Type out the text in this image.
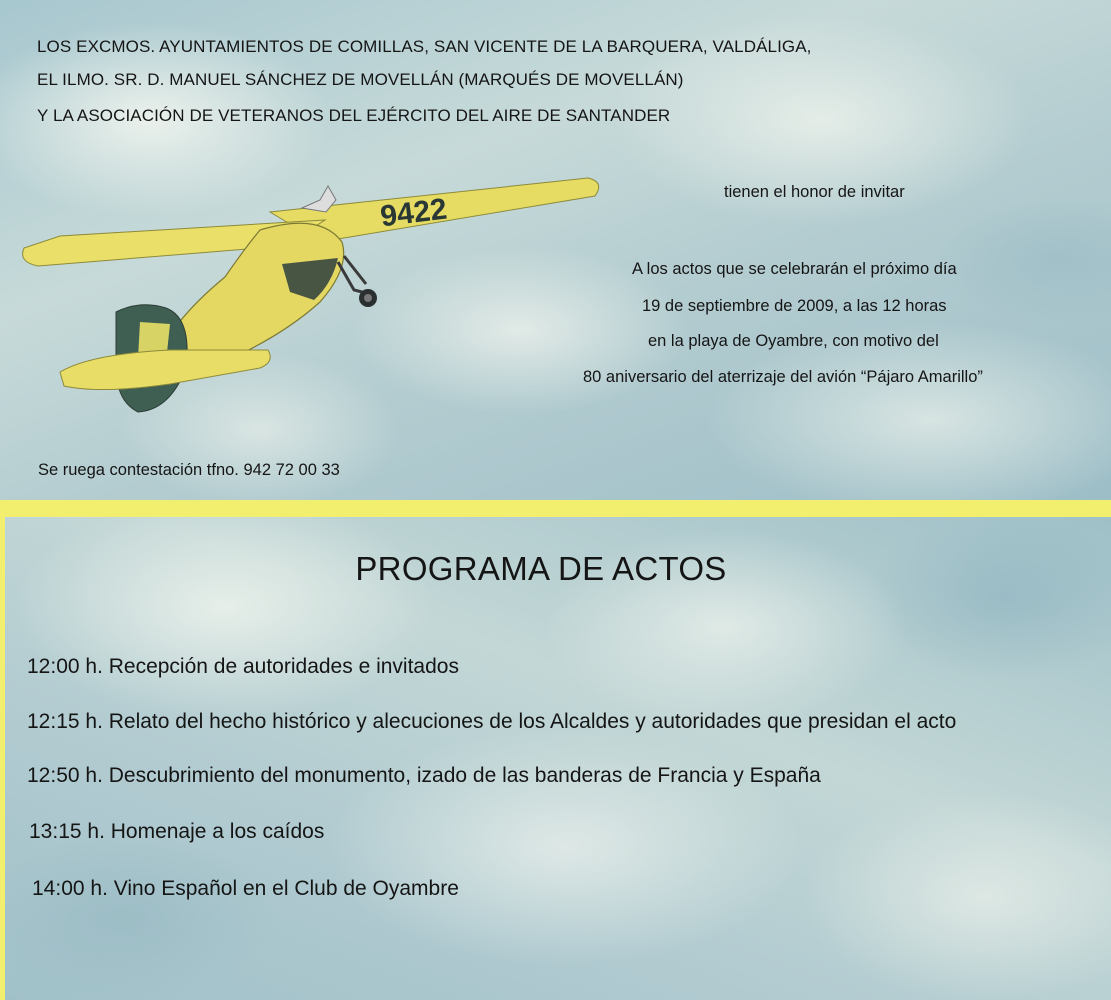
LOS EXCMOS. AYUNTAMIENTOS DE COMILLAS, SAN VICENTE DE LA BARQUERA, VALDÁLIGA,

EL ILMO. SR. D. MANUEL SÁNCHEZ DE MOVELLÁN (MARQUÉS DE MOVELLÁN)

Y LA ASOCIACIÓN DE VETERANOS DEL EJÉRCITO DEL AIRE DE SANTANDER

9422
tienen el honor de invitar
A los actos que se celebrarán el próximo día
19 de septiembre de 2009, a las 12 horas
en la playa de Oyambre, con motivo del
80 aniversario del aterrizaje del avión “Pájaro Amarillo”
Se ruega contestación tfno. 942 72 00 33
PROGRAMA DE ACTOS

12:00 h. Recepción de autoridades e invitados

12:15 h. Relato del hecho histórico y alecuciones de los Alcaldes y autoridades que presidan el acto

12:50 h. Descubrimiento del monumento, izado de las banderas de Francia y España

13:15 h. Homenaje a los caídos

14:00 h. Vino Español en el Club de Oyambre
